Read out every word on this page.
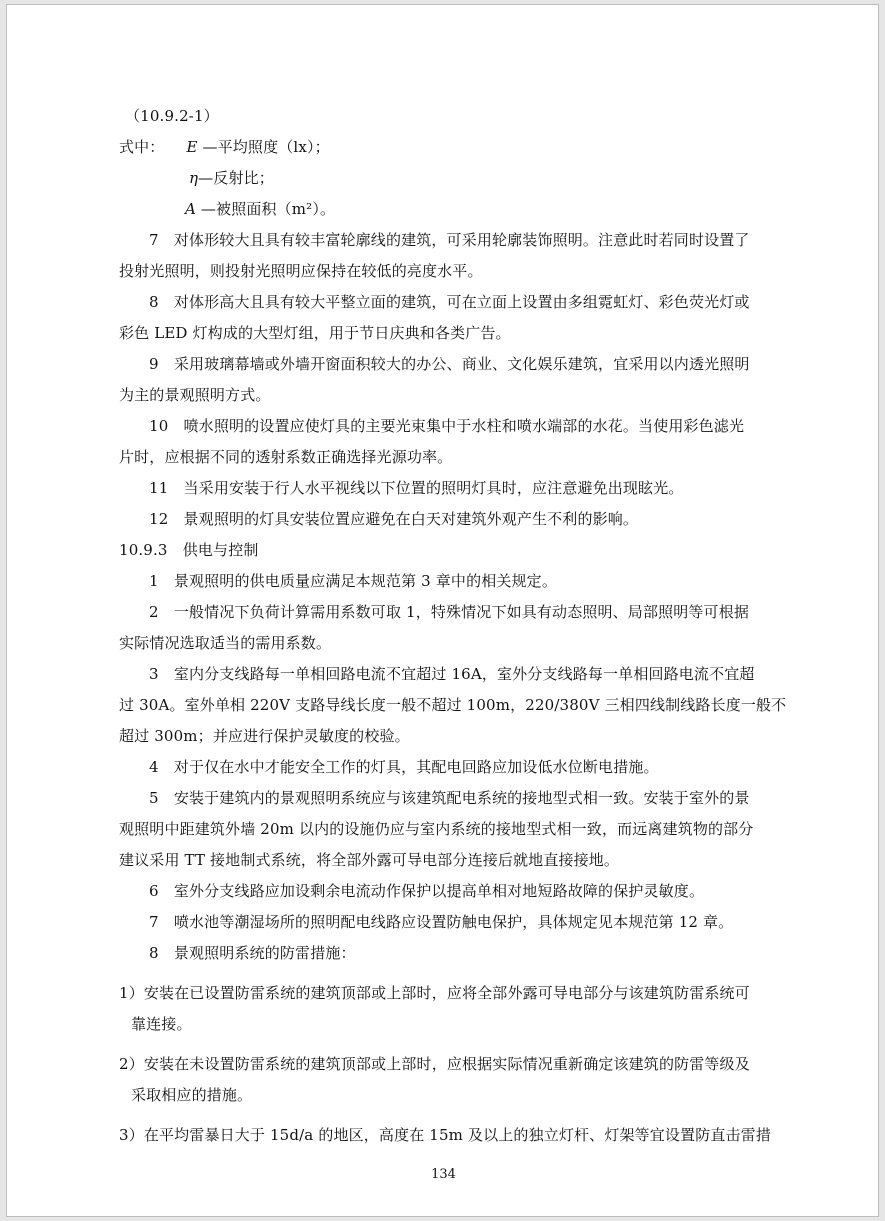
（10.9.2-1）
式中： E —平均照度（lx）；
η—反射比；
A —被照面积（m²）。
7　对体形较大且具有较丰富轮廓线的建筑，可采用轮廓装饰照明。注意此时若同时设置了
投射光照明，则投射光照明应保持在较低的亮度水平。
8　对体形高大且具有较大平整立面的建筑，可在立面上设置由多组霓虹灯、彩色荧光灯或
彩色 LED 灯构成的大型灯组，用于节日庆典和各类广告。
9　采用玻璃幕墙或外墙开窗面积较大的办公、商业、文化娱乐建筑，宜采用以内透光照明
为主的景观照明方式。
10　喷水照明的设置应使灯具的主要光束集中于水柱和喷水端部的水花。当使用彩色滤光
片时，应根据不同的透射系数正确选择光源功率。
11　当采用安装于行人水平视线以下位置的照明灯具时，应注意避免出现眩光。
12　景观照明的灯具安装位置应避免在白天对建筑外观产生不利的影响。
10.9.3　供电与控制
1　景观照明的供电质量应满足本规范第 3 章中的相关规定。
2　一般情况下负荷计算需用系数可取 1，特殊情况下如具有动态照明、局部照明等可根据
实际情况选取适当的需用系数。
3　室内分支线路每一单相回路电流不宜超过 16A，室外分支线路每一单相回路电流不宜超
过 30A。室外单相 220V 支路导线长度一般不超过 100m，220/380V 三相四线制线路长度一般不
超过 300m；并应进行保护灵敏度的校验。
4　对于仅在水中才能安全工作的灯具，其配电回路应加设低水位断电措施。
5　安装于建筑内的景观照明系统应与该建筑配电系统的接地型式相一致。安装于室外的景
观照明中距建筑外墙 20m 以内的设施仍应与室内系统的接地型式相一致，而远离建筑物的部分
建议采用 TT 接地制式系统，将全部外露可导电部分连接后就地直接接地。
6　室外分支线路应加设剩余电流动作保护以提高单相对地短路故障的保护灵敏度。
7　喷水池等潮湿场所的照明配电线路应设置防触电保护，具体规定见本规范第 12 章。
8　景观照明系统的防雷措施：
1）安装在已设置防雷系统的建筑顶部或上部时，应将全部外露可导电部分与该建筑防雷系统可
靠连接。
2）安装在未设置防雷系统的建筑顶部或上部时，应根据实际情况重新确定该建筑的防雷等级及
采取相应的措施。
3）在平均雷暴日大于 15d/a 的地区，高度在 15m 及以上的独立灯杆、灯架等宜设置防直击雷措
134
